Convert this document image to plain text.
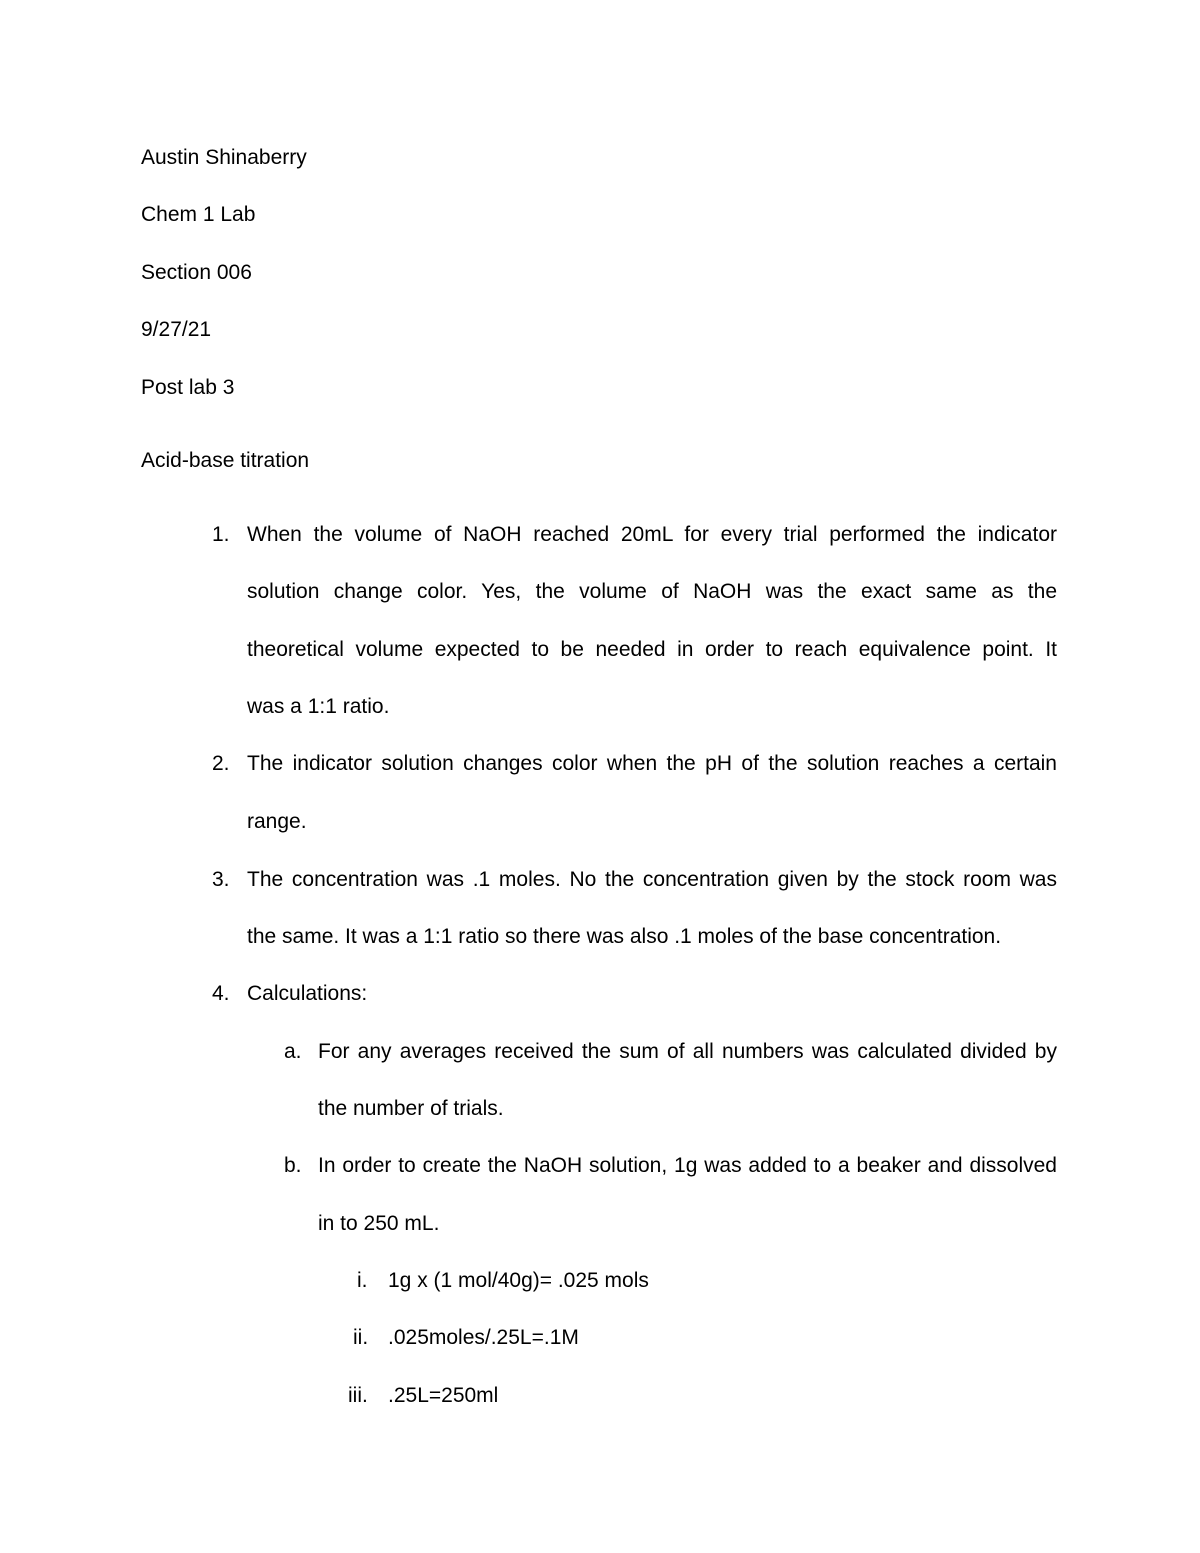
Austin Shinaberry
Chem 1 Lab
Section 006
9/27/21
Post lab 3
Acid-base titration
1. When the volume of NaOH reached 20mL for every trial performed the indicator
solution change color. Yes, the volume of NaOH was the exact same as the
theoretical volume expected to be needed in order to reach equivalence point. It
was a 1:1 ratio.
2. The indicator solution changes color when the pH of the solution reaches a certain
range.
3. The concentration was .1 moles. No the concentration given by the stock room was
the same. It was a 1:1 ratio so there was also .1 moles of the base concentration.
4. Calculations:
a. For any averages received the sum of all numbers was calculated divided by
the number of trials.
b. In order to create the NaOH solution, 1g was added to a beaker and dissolved
in to 250 mL.
i. 1g x (1 mol/40g)= .025 mols
ii. .025moles/.25L=.1M
iii. .25L=250ml
